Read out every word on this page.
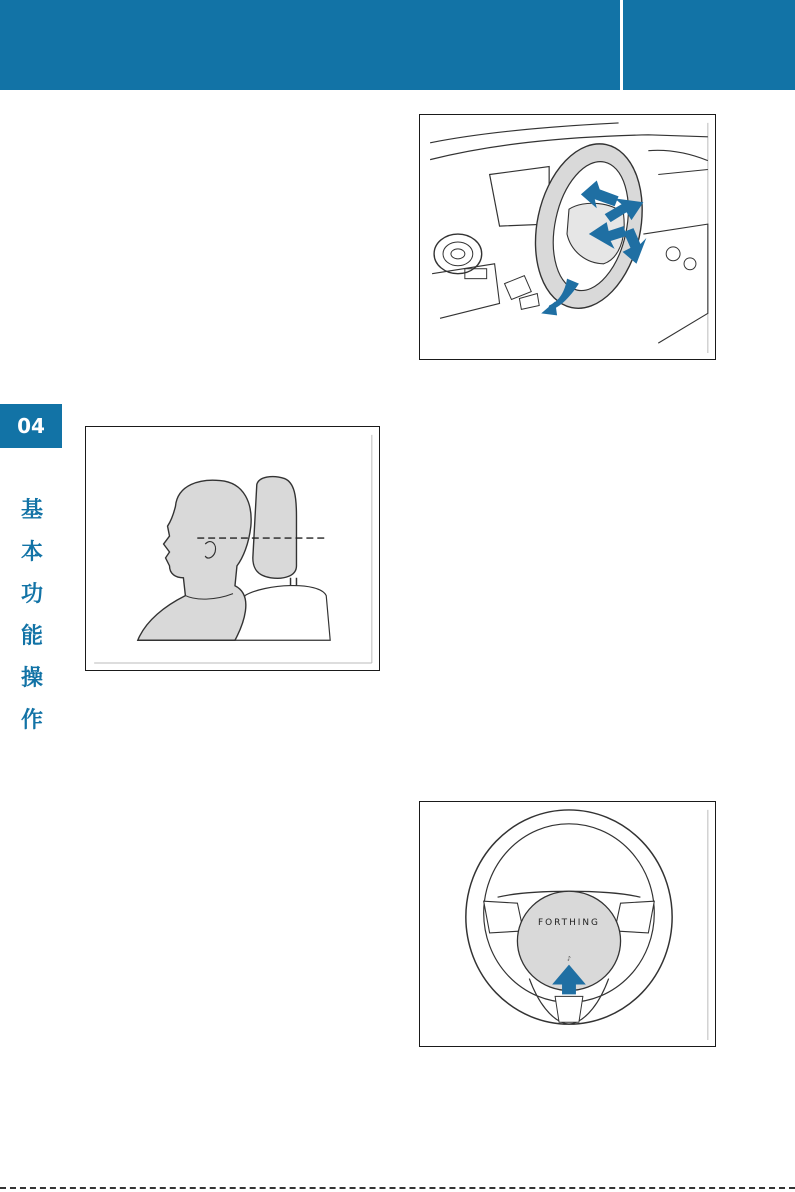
04
基
本
功
能
操
作
FORTHING
♪
